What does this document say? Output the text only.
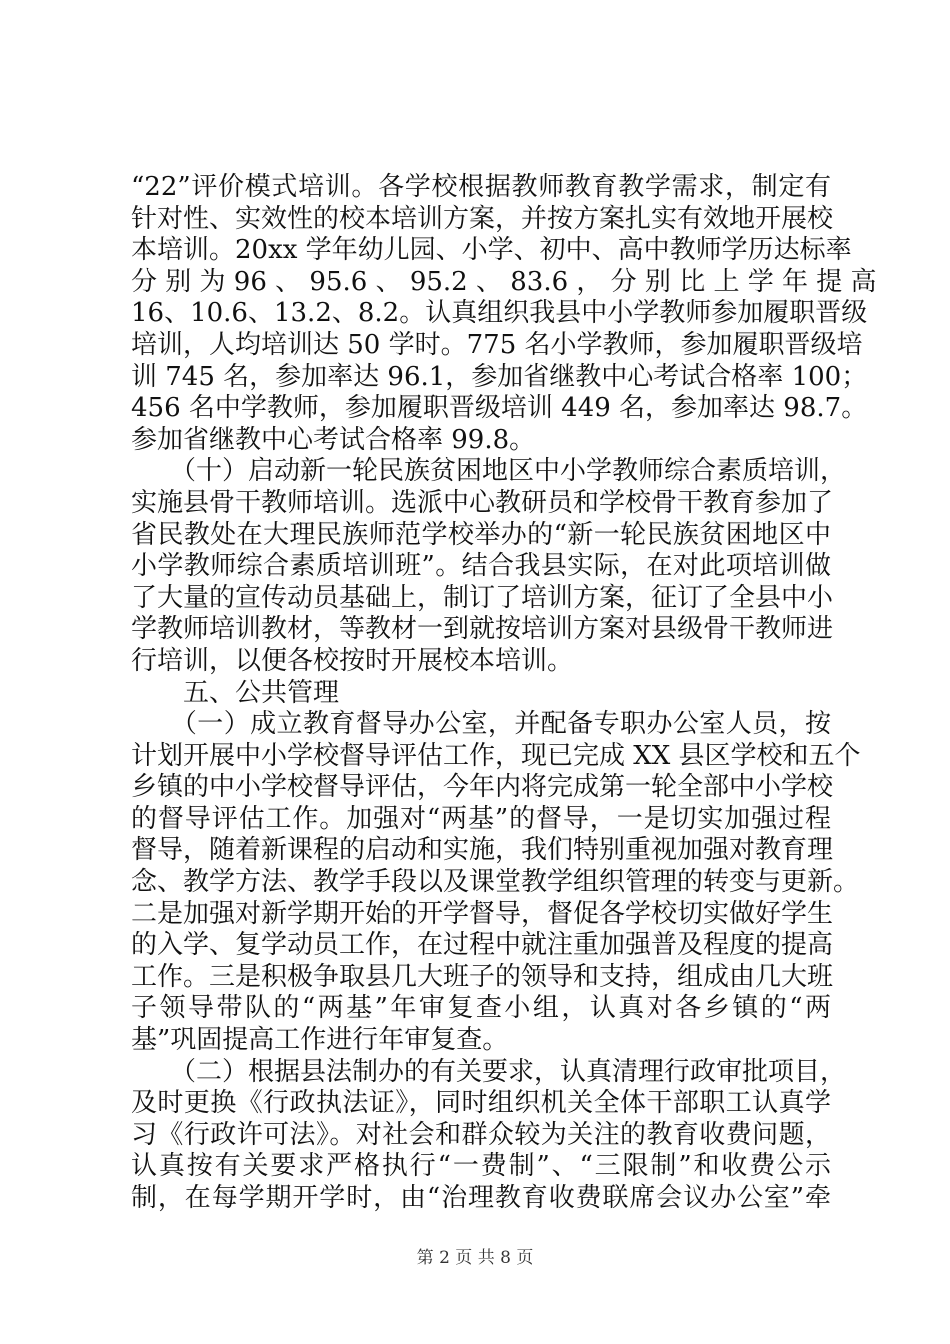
“22”评价模式培训。各学校根据教师教育教学需求，制定有
针对性、实效性的校本培训方案，并按方案扎实有效地开展校
本培训。20xx 学年幼儿园、小学、初中、高中教师学历达标率
分 别 为 96 、 95.6 、 95.2 、 83.6 ， 分 别 比 上 学 年 提 高
16、10.6、13.2、8.2。认真组织我县中小学教师参加履职晋级
培训，人均培训达 50 学时。775 名小学教师，参加履职晋级培
训 745 名，参加率达 96.1，参加省继教中心考试合格率 100；
456 名中学教师，参加履职晋级培训 449 名，参加率达 98.7。
参加省继教中心考试合格率 99.8。
　　（十）启动新一轮民族贫困地区中小学教师综合素质培训，
实施县骨干教师培训。选派中心教研员和学校骨干教育参加了
省民教处在大理民族师范学校举办的“新一轮民族贫困地区中
小学教师综合素质培训班”。结合我县实际，在对此项培训做
了大量的宣传动员基础上，制订了培训方案，征订了全县中小
学教师培训教材，等教材一到就按培训方案对县级骨干教师进
行培训，以便各校按时开展校本培训。
　　五、公共管理
　　（一）成立教育督导办公室，并配备专职办公室人员，按
计划开展中小学校督导评估工作，现已完成 XX 县区学校和五个
乡镇的中小学校督导评估，今年内将完成第一轮全部中小学校
的督导评估工作。加强对“两基”的督导，一是切实加强过程
督导，随着新课程的启动和实施，我们特别重视加强对教育理
念、教学方法、教学手段以及课堂教学组织管理的转变与更新。
二是加强对新学期开始的开学督导，督促各学校切实做好学生
的入学、复学动员工作，在过程中就注重加强普及程度的提高
工作。三是积极争取县几大班子的领导和支持，组成由几大班
子领导带队的“两基”年审复查小组，认真对各乡镇的“两
基”巩固提高工作进行年审复查。
　　（二）根据县法制办的有关要求，认真清理行政审批项目，
及时更换《行政执法证》，同时组织机关全体干部职工认真学
习《行政许可法》。对社会和群众较为关注的教育收费问题，
认真按有关要求严格执行“一费制”、“三限制”和收费公示
制，在每学期开学时，由“治理教育收费联席会议办公室”牵
第 2 页 共 8 页
